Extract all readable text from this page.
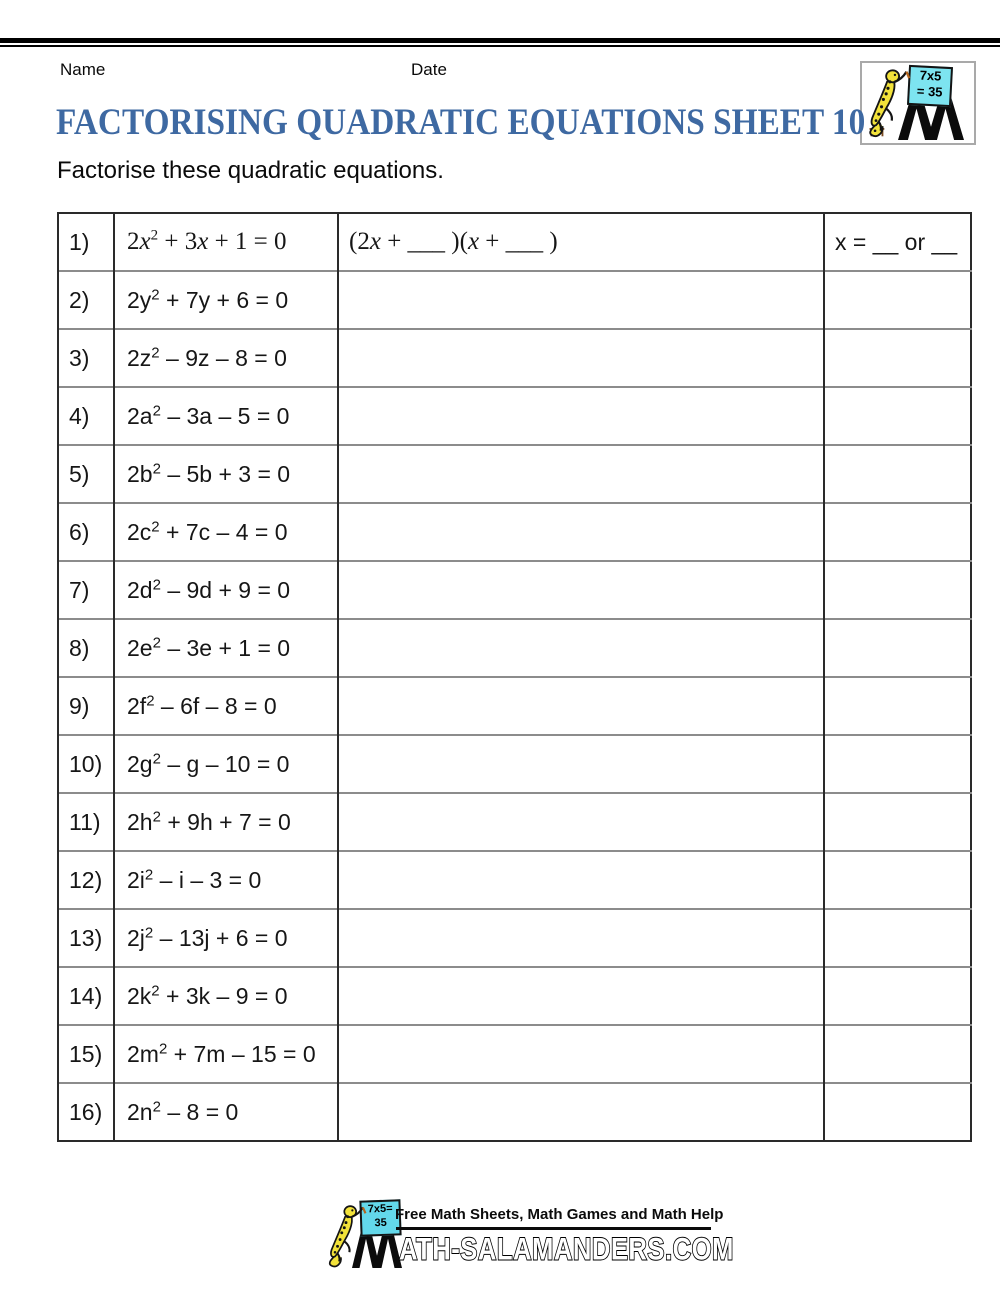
Name	Date	7x5
= 35
FACTORISING QUADRATIC EQUATIONS SHEET 10

Factorise these quadratic equations.

1)	$2x^2 + 3x + 1 = 0$	(2x + ___ )(x + ___ )	x = __ or __
2)	$2y^2 + 7y + 6 = 0$		
3)	$2z^2 - 9z - 8 = 0$		
4)	$2a^2 - 3a - 5 = 0$		
5)	$2b^2 - 5b + 3 = 0$		
6)	$2c^2 + 7c - 4 = 0$		
7)	$2d^2 - 9d + 9 = 0$		
8)	$2e^2 - 3e + 1 = 0$		
9)	$2f^2 - 6f - 8 = 0$		
10)	$2g^2 - g - 10 = 0$		
11)	$2h^2 + 9h + 7 = 0$		
12)	$2i^2 - i - 3 = 0$		
13)	$2j^2 - 13j + 6 = 0$		
14)	$2k^2 + 3k - 9 = 0$		
15)	$2m^2 + 7m - 15 = 0$		
16)	$2n^2 - 8 = 0$		
7x5=
35

Free Math Sheets, Math Games and Math Help

ATH-SALAMANDERS.COM
